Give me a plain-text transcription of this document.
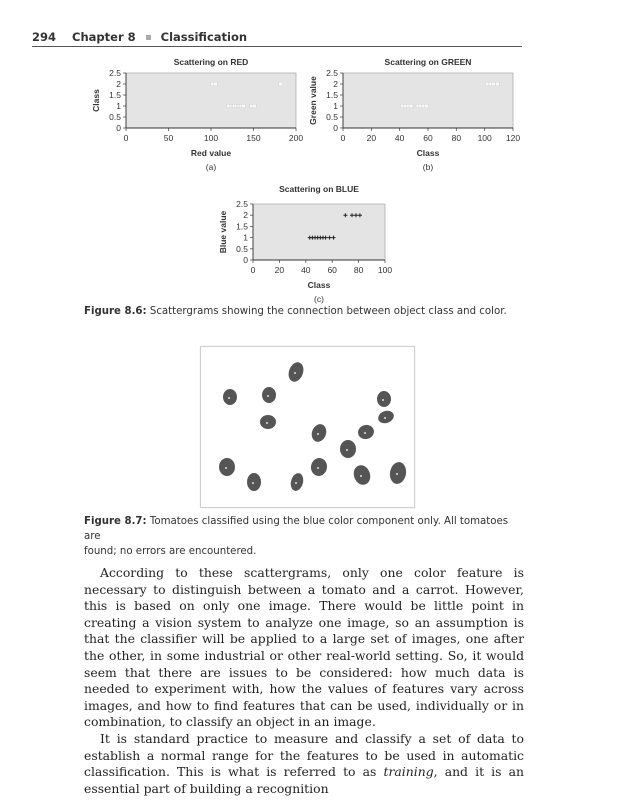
294 Chapter 8 Classification
Scattering on RED
0
0.5
1
1.5
2
2.5
0	50	100	150	200
Class
Red value
(a)
Scattering on GREEN
0
0.5
1
1.5
2
2.5
0 20 40 60 80 100 120
Green value
Class
(b)
Scattering on BLUE
0
0.5
1
1.5
2
2.5
0 20 40 60 80 100
Blue value
Class
(c)
Figure 8.6: Scattergrams showing the connection between object class and color.
Figure 8.7: Tomatoes classified using the blue color component only. All tomatoes are
found; no errors are encountered.

According to these scattergrams, only one color feature is necessary to distinguish between a tomato and a carrot. However, this is based on only one image. There would be little point in creating a vision system to analyze one image, so an assumption is that the classifier will be applied to a large set of images, one after the other, in some industrial or other real-world setting. So, it would seem that there are issues to be considered: how much data is needed to experiment with, how the values of features vary across images, and how to find features that can be used, individually or in combination, to classify an object in an image.

It is standard practice to measure and classify a set of data to establish a normal range for the features to be used in automatic classification. This is what is referred to as training, and it is an essential part of building a recognition
